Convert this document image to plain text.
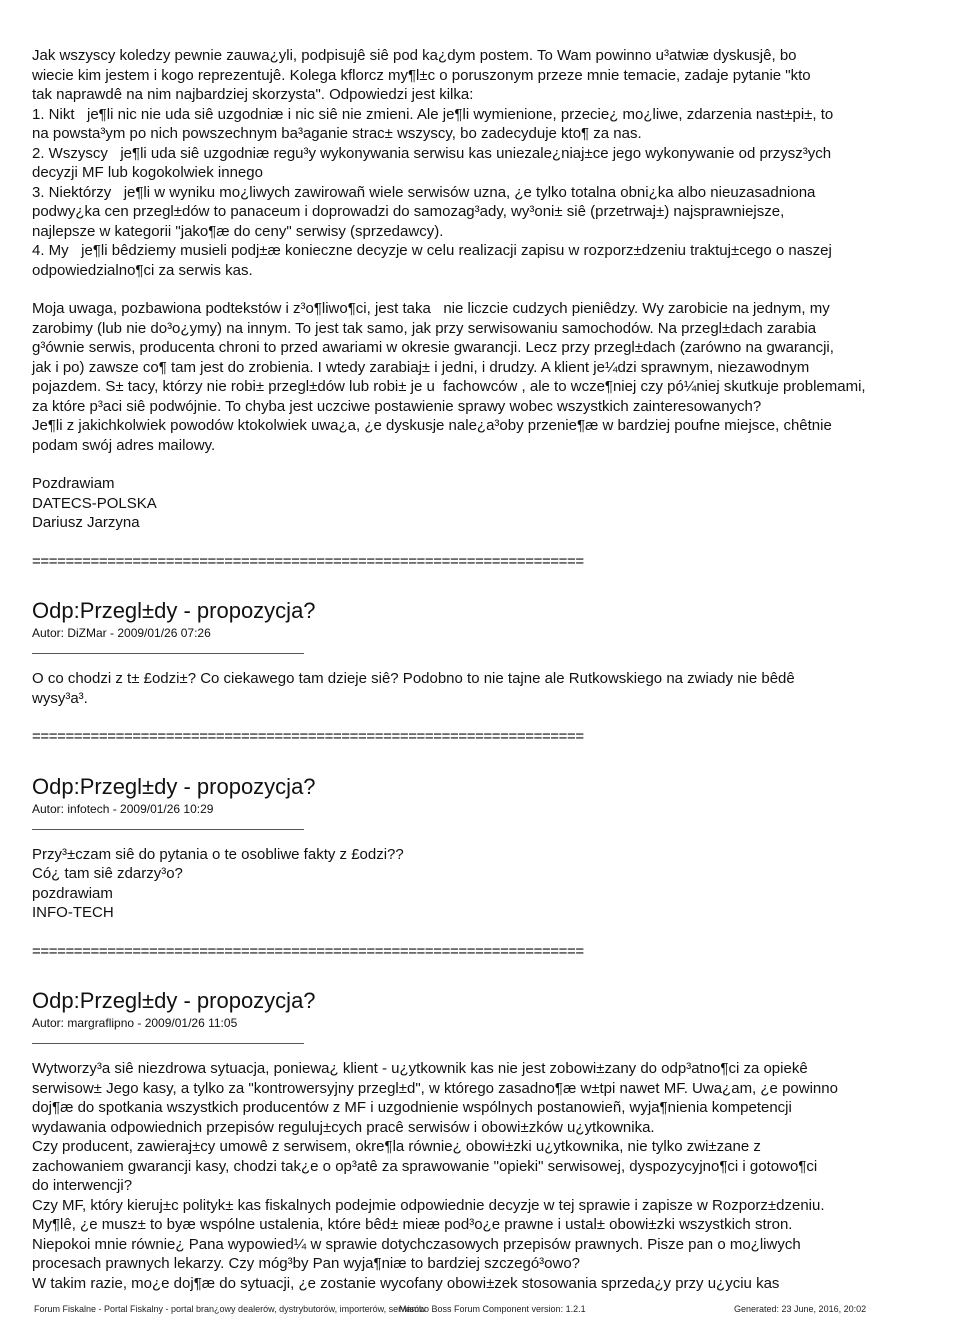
Jak wszyscy koledzy pewnie zauwa¿yli, podpisujê siê pod ka¿dym postem. To Wam powinno u³atwiæ dyskusjê, bo
wiecie kim jestem i kogo reprezentujê. Kolega kflorcz my¶l±c o poruszonym przeze mnie temacie, zadaje pytanie "kto
tak naprawdê na nim najbardziej skorzysta". Odpowiedzi jest kilka:
1. Nikt   je¶li nic nie uda siê uzgodniæ i nic siê nie zmieni. Ale je¶li wymienione, przecie¿ mo¿liwe, zdarzenia nast±pi±, to
na powsta³ym po nich powszechnym ba³aganie strac± wszyscy, bo zadecyduje kto¶ za nas.
2. Wszyscy   je¶li uda siê uzgodniæ regu³y wykonywania serwisu kas uniezale¿niaj±ce jego wykonywanie od przysz³ych
decyzji MF lub kogokolwiek innego
3. Niektórzy   je¶li w wyniku mo¿liwych zawirowañ wiele serwisów uzna, ¿e tylko totalna obni¿ka albo nieuzasadniona
podwy¿ka cen przegl±dów to panaceum i doprowadzi do samozag³ady, wy³oni± siê (przetrwaj±) najsprawniejsze,
najlepsze w kategorii "jako¶æ do ceny" serwisy (sprzedawcy).
4. My   je¶li bêdziemy musieli podj±æ konieczne decyzje w celu realizacji zapisu w rozporz±dzeniu traktuj±cego o naszej
odpowiedzialno¶ci za serwis kas.

Moja uwaga, pozbawiona podtekstów i z³o¶liwo¶ci, jest taka   nie liczcie cudzych pieniêdzy. Wy zarobicie na jednym, my
zarobimy (lub nie do³o¿ymy) na innym. To jest tak samo, jak przy serwisowaniu samochodów. Na przegl±dach zarabia
g³ównie serwis, producenta chroni to przed awariami w okresie gwarancji. Lecz przy przegl±dach (zarówno na gwarancji,
jak i po) zawsze co¶ tam jest do zrobienia. I wtedy zarabiaj± i jedni, i drudzy. A klient je¼dzi sprawnym, niezawodnym
pojazdem. S± tacy, którzy nie robi± przegl±dów lub robi± je u  fachowców , ale to wcze¶niej czy pó¼niej skutkuje problemami,
za które p³aci siê podwójnie. To chyba jest uczciwe postawienie sprawy wobec wszystkich zainteresowanych?
Je¶li z jakichkolwiek powodów ktokolwiek uwa¿a, ¿e dyskusje nale¿a³oby przenie¶æ w bardziej poufne miejsce, chêtnie
podam swój adres mailowy.

Pozdrawiam
DATECS-POLSKA
Dariusz Jarzyna

==================================================================

Odp:Przegl±dy - propozycja?

Autor: DiZMar - 2009/01/26 07:26

O co chodzi z t± £odzi±? Co ciekawego tam dzieje siê? Podobno to nie tajne ale Rutkowskiego na zwiady nie bêdê
wysy³a³.

==================================================================

Odp:Przegl±dy - propozycja?

Autor: infotech - 2009/01/26 10:29

Przy³±czam siê do pytania o te osobliwe fakty z £odzi??
Có¿ tam siê zdarzy³o?
pozdrawiam
INFO-TECH

==================================================================

Odp:Przegl±dy - propozycja?

Autor: margraflipno - 2009/01/26 11:05

Wytworzy³a siê niezdrowa sytuacja, poniewa¿ klient - u¿ytkownik kas nie jest zobowi±zany do odp³atno¶ci za opiekê
serwisow± Jego kasy, a tylko za "kontrowersyjny przegl±d", w którego zasadno¶æ w±tpi nawet MF. Uwa¿am, ¿e powinno
doj¶æ do spotkania wszystkich producentów z MF i uzgodnienie wspólnych postanowieñ, wyja¶nienia kompetencji
wydawania odpowiednich przepisów reguluj±cych pracê serwisów i obowi±zków u¿ytkownika.
Czy producent, zawieraj±cy umowê z serwisem, okre¶la równie¿ obowi±zki u¿ytkownika, nie tylko zwi±zane z
zachowaniem gwarancji kasy, chodzi tak¿e o op³atê za sprawowanie "opieki" serwisowej, dyspozycyjno¶ci i gotowo¶ci
do interwencji?
Czy MF, który kieruj±c polityk± kas fiskalnych podejmie odpowiednie decyzje w tej sprawie i zapisze w Rozporz±dzeniu.
My¶lê, ¿e musz± to byæ wspólne ustalenia, które bêd± mieæ pod³o¿e prawne i ustal± obowi±zki wszystkich stron.
Niepokoi mnie równie¿ Pana wypowied¼ w sprawie dotychczasowych przepisów prawnych. Pisze pan o mo¿liwych
procesach prawnych lekarzy. Czy móg³by Pan wyja¶niæ to bardziej szczegó³owo?
W takim razie, mo¿e doj¶æ do sytuacji, ¿e zostanie wycofany obowi±zek stosowania sprzeda¿y przy u¿yciu kas

Forum Fiskalne - Portal Fiskalny - portal bran¿owy dealerów, dystrybutorów, importerów, serwisów
Mambo Boss Forum Component version: 1.2.1	Generated: 23 June, 2016, 20:02
